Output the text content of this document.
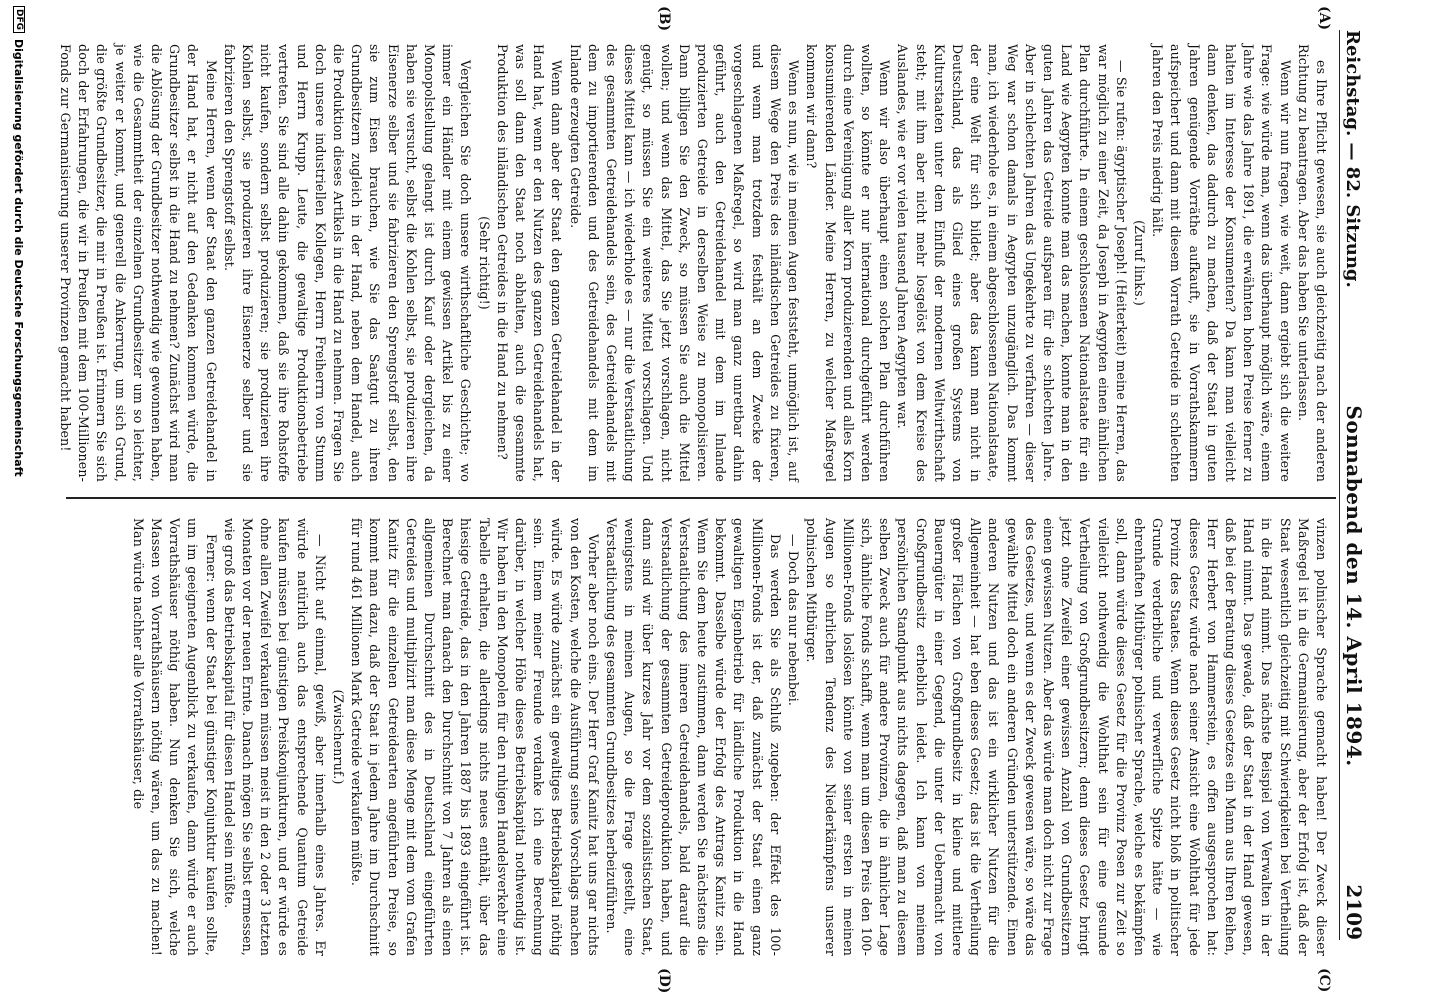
Reichstag. — 82. Sitzung.
Sonnabend den 14. April 1894.
2109
(A)
(B)
(C)
(D)

es Ihre Pflicht gewesen, sie auch gleichzeitig nach der anderen Richtung zu beantragen. Aber das haben Sie unterlassen.

Wenn wir nun fragen, wie weit, dann ergiebt sich die weitere Frage: wie würde man, wenn das überhaupt möglich wäre, einem Jahre wie das Jahre 1891, die erwähnten hohen Preise ferner zu halten im Interesse der Konsumenten? Da kann man vielleicht dann denken, das dadurch zu machen, daß der Staat in guten Jahren genügende Vorräthe aufkauft, sie in Vorrathskammern aufspeichert und dann mit diesem Vorrath Getreide in schlechten Jahren den Preis niedrig hält.

(Zuruf links.)

— Sie rufen: ägyptischer Joseph! (Heiterkeit) meine Herren, das war möglich zu einer Zeit, da Joseph in Aegypten einen ähnlichen Plan durchführte. In einem geschlossenen Nationalstaate für ein Land wie Aegypten konnte man das machen, konnte man in den guten Jahren das Getreide aufsparen für die schlechten Jahre. Aber in schlechten Jahren das Ungekehrte zu verfahren — dieser Weg war schon damals in Aegypten unzugänglich. Das kommt man, ich wiederhole es, in einem abgeschlossenen Nationalstaate, der eine Welt für sich bildet; aber das kann man nicht in Deutschland, das als Glied eines großen Systems von Kulturstaaten unter dem Einfluß der modernen Weltwirthschaft steht; mit ihm aber nicht mehr losgelöst von dem Kreise des Auslandes, wie er vor vielen tausend Jahren Aegypten war.

Wenn wir also überhaupt einen solchen Plan durchführen wollten, so könnte er nur international durchgeführt werden durch eine Vereinigung aller Korn produzierenden und alles Korn konsumierenden Länder. Meine Herren, zu welcher Maßregel kommen wir dann?

Wenn es nun, wie in meinen Augen feststeht, unmöglich ist, auf diesem Wege den Preis des inländischen Getreides zu fixieren, und wenn man trotzdem festhält an dem Zwecke der vorgeschlagenen Maßregel, so wird man ganz unrettbar dahin geführt, auch den Getreidehandel mit dem im Inlande produzierten Getreide in derselben Weise zu monopolisieren. Dann billigen Sie den Zweck, so müssen Sie auch die Mittel wollen; und wenn das Mittel, das Sie jetzt vorschlagen, nicht genügt, so müssen Sie ein weiteres Mittel vorschlagen. Und dieses Mittel kann — ich wiederhole es — nur die Verstaatlichung des gesammten Getreidehandels sein, des Getreidehandels mit dem zu importierenden und des Getreidehandels mit dem im Inlande erzeugten Getreide.

Wenn dann aber der Staat den ganzen Getreidehandel in der Hand hat, wenn er den Nutzen des ganzen Getreidehandels hat, was soll dann den Staat noch abhalten, auch die gesammte Produktion des inländischen Getreides in die Hand zu nehmen?

(Sehr richtig!)

Vergleichen Sie doch unsere wirthschaftliche Geschichte; wo immer ein Händler mit einem gewissen Artikel bis zu einer Monopolstellung gelangt ist durch Kauf oder dergleichen, da haben sie versucht, selbst die Kohlen selbst, sie produzieren ihre Eisenerze selber und sie fabrizieren den Sprengstoff selbst, den sie zum Eisen brauchen, wie Sie das Saatgut zu ihren Grundbesitzern zugleich in der Hand, neben dem Handel, auch die Produktion dieses Artikels in die Hand zu nehmen. Fragen Sie doch unsere industriellen Kollegen, Herrn Freiherrn von Stumm und Herrn Krupp. Leute, die gewaltige Produktionsbetriebe vertreten. Sie sind alle dahin gekommen, daß sie ihre Rohstoffe nicht kaufen, sondern selbst produzieren; sie produzieren ihre Kohlen selbst, sie produzieren ihre Eisenerze selber und sie fabrizieren den Sprengstoff selbst.

Meine Herren, wenn der Staat den ganzen Getreidehandel in der Hand hat, er nicht auf den Gedanken kommen würde, die Grundbesitzer selbst in die Hand zu nehmen? Zunächst wird man die Ablösung der Grundbesitzer nothwendig wie gewonnen haben, wie die Gesammtheit der einzelnen Grundbesitzer um so leichter, je weiter er kommt, und generell die Ankerrung, um sich Grund, die größte Grundbesitzer, die mir in Preußen ist. Erinnern Sie sich doch der Erfahrungen, die wir in Preußen mit dem 100-Millionen-Fonds zur Germanisierung unserer Provinzen gemacht haben!

vinzen polnischer Sprache gemacht haben! Der Zweck dieser Maßregel ist in die Germanisierung, aber der Erfolg ist, daß der Staat wesentlich gleichzeitig mit Schwierigkeiten bei Vertheilung in die Hand nimmt. Das nächste Beispiel von Verwalten in der Hand nimmt. Das gewade, daß der Staat in der Hand gewesen, daß bei der Beratung dieses Gesetzes ein Mann aus Ihren Reihen, Herr Herbert von Hammerstein, es offen ausgesprochen hat: dieses Gesetz würde nach seiner Ansicht eine Wohlthat für jede Provinz des Staates. Wenn dieses Gesetz nicht bloß in politischer Grunde verderbliche und verwerfliche Spitze hätte — wie ehrenhaften Mitbürger polnischer Sprache, welche es bekämpfen soll, dann würde dieses Gesetz für die Provinz Posen zur Zeit so vielleicht nothwendig die Wohlthat sein für eine gesunde Vertheilung von Großgrundbesitzern; denn dieses Gesetz bringt jetzt ohne Zweifel einer gewissen Anzahl von Grundbesitzern einen gewissen Nutzen. Aber das würde man doch nicht zur Frage des Gesetzes, und wenn es der Zweck gewesen wäre, so wäre das gewählte Mittel doch ein anderen Gründen unterstützende. Einen anderen Nutzen und das ist ein wirklicher Nutzen für die Allgemeinheit — hat eben dieses Gesetz; das ist die Vertheilung großer Flächen von Großgrundbesitz in kleine und mittlere Bauerngüter in einer Gegend, die unter der Uebermacht von Großgrundbesitz erheblich leidet. Ich kann von meinem persönlichen Standpunkt aus nichts dagegen, daß man zu diesem selben Zweck auch für andere Provinzen, die in ähnlicher Lage sich, ähnliche Fonds schafft, wenn man um diesen Preis den 100-Millionen-Fonds loslösen könnte von seiner ersten in meinen Augen so ehrlichen Tendenz des Niederkämpfens unserer polnischen Mitbürger.

— Doch das nur nebenbei.

Das werden Sie als Schluß zugeben: der Effekt des 100-Millionen-Fonds ist der, daß zunächst der Staat einen ganz gewaltigen Eigenbetrieb für ländliche Produktion in die Hand bekommt. Dasselbe würde der Erfolg des Antrags Kanitz sein. Wenn Sie dem heute zustimmen, dann werden Sie nächstens die Verstaatlichung des inneren Getreidehandels, bald darauf die Verstaatlichung der gesammten Getreideproduktion haben, und dann sind wir über kurzes Jahr vor dem sozialistischen Staat, wenigstens in meinen Augen, so die Frage gestellt, eine Verstaatlichung des gesammten Grundbesitzes herbeizuführen.

Vorher aber noch eins. Der Herr Graf Kanitz hat uns gar nichts von den Kosten, welche die Ausführung seines Vorschlags machen würde. Es würde zunächst ein gewaltiges Betriebskapital nöthig sein. Einem meiner Freunde verdanke ich eine Berechnung darüber, in welcher Höhe dieses Betriebskapital nothwendig ist. Wir haben in den Monopolen für den ruhigen Handelsverkehr eine Tabelle erhalten, die allerdings nichts neues enthält, über das hiesige Getreide, das in den Jahren 1887 bis 1893 eingeführt ist. Berechnet man danach den Durchschnitt von 7 Jahren als einen allgemeinen Durchschnitt des in Deutschland eingeführten Getreides und multiplizirt man diese Menge mit dem vom Grafen Kanitz für die einzelnen Getreidearten angeführten Preise, so kommt man dazu, daß der Staat in jedem Jahre im Durchschnitt für rund 461 Millionen Mark Getreide verkaufen müßte.

(Zwischenruf.)

— Nicht auf einmal, gewiß, aber innerhalb eines Jahres. Er würde natürlich auch das entsprechende Quantum Getreide kaufen müssen bei günstigen Preiskonjunkturen, und er würde es ohne allen Zweifel verkaufen müssen meist in den 2 oder 3 letzten Monaten vor der neuen Ernte. Danach mögen Sie selbst ermessen, wie groß das Betriebskapital für diesen Handel sein müßte.

Ferner: wenn der Staat bei günstiger Konjunktur kaufen sollte, um im geeigneten Augenblick zu verkaufen, dann würde er auch Vorrathshäuser nöthig haben. Nun denken Sie sich, welche Massen von Vorrathshäusern nöthig wären, um das zu machen! Man würde nachher alle Vorrathshäuser, die

DFG
Digitalisierung gefördert durch die Deutsche Forschungsgemeinschaft
